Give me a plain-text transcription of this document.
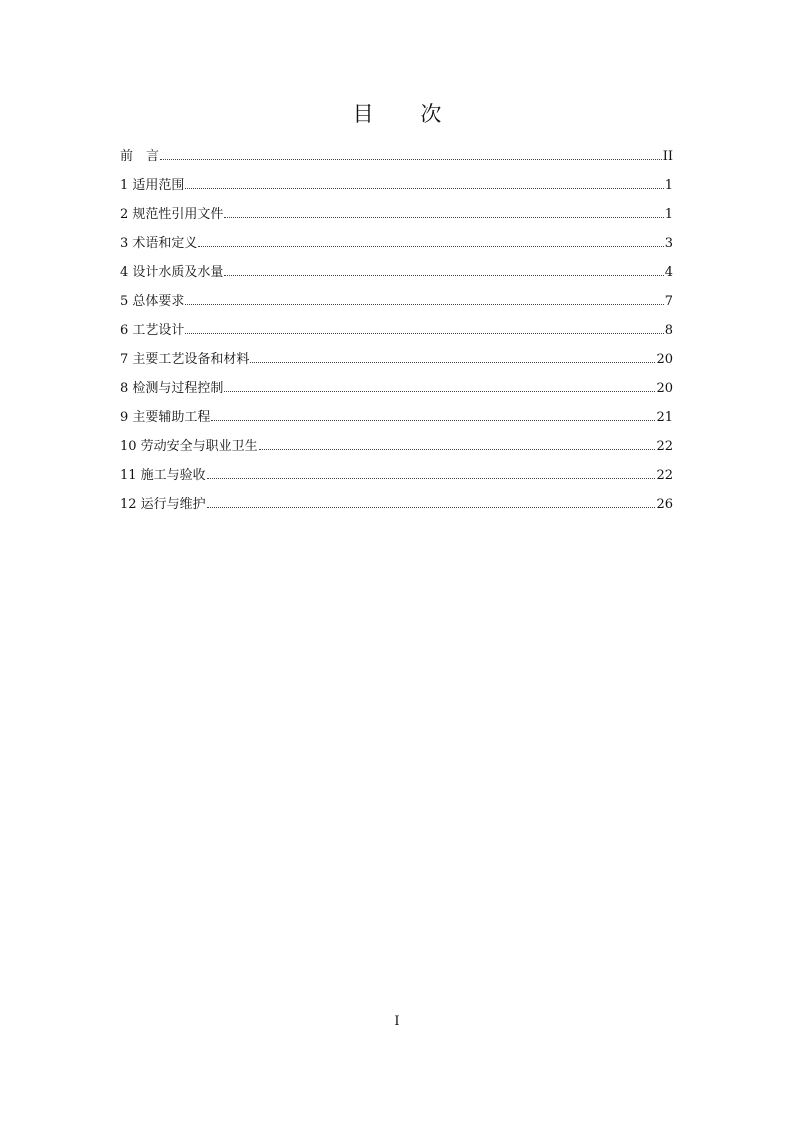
目 次
前　言	II
1 适用范围	1
2 规范性引用文件	1
3 术语和定义	3
4 设计水质及水量	4
5 总体要求	7
6 工艺设计	8
7 主要工艺设备和材料	20
8 检测与过程控制	20
9 主要辅助工程	21
10 劳动安全与职业卫生	22
11 施工与验收	22
12 运行与维护	26
I
